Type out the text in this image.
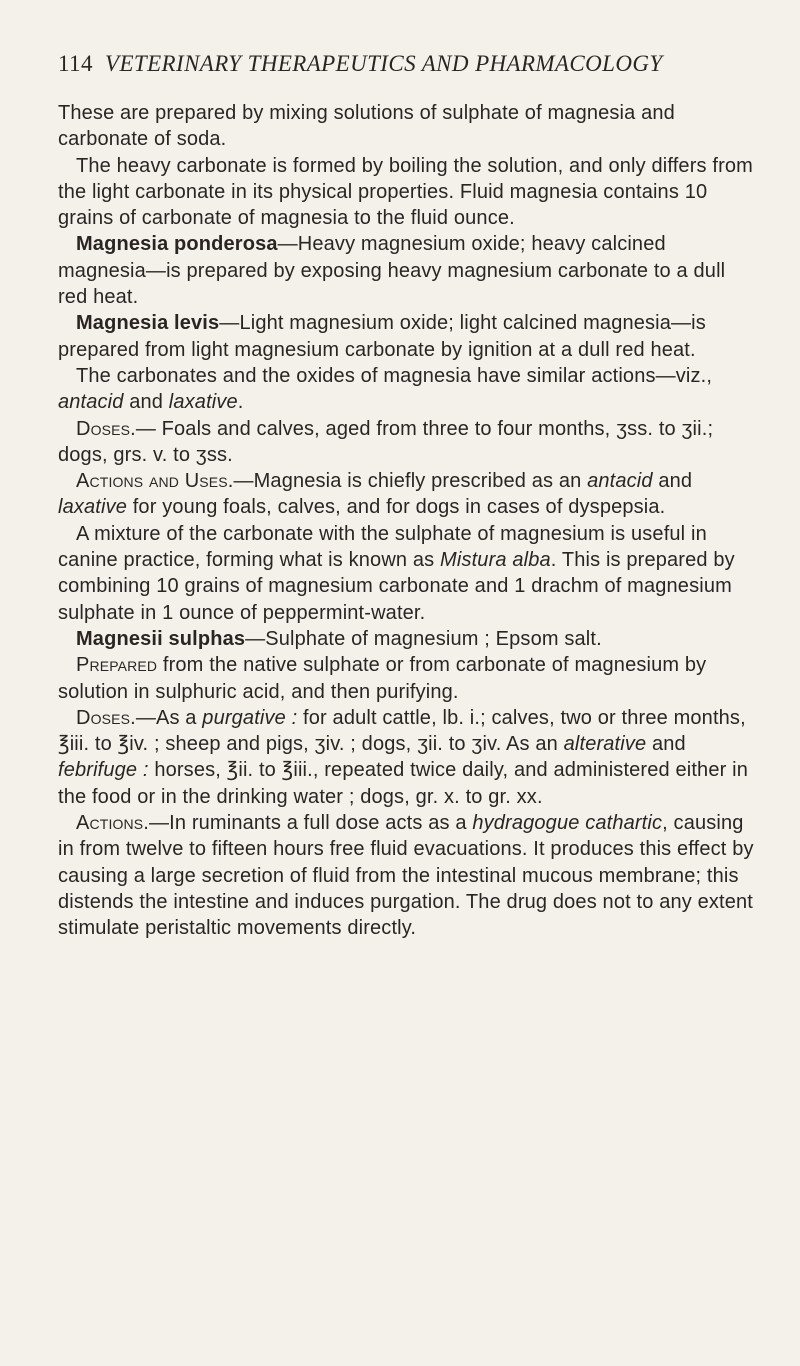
114 VETERINARY THERAPEUTICS AND PHARMACOLOGY

These are prepared by mixing solutions of sulphate of magnesia and carbonate of soda.

The heavy carbonate is formed by boiling the solution, and only differs from the light carbonate in its physical properties. Fluid magnesia contains 10 grains of carbonate of magnesia to the fluid ounce.

Magnesia ponderosa—Heavy magnesium oxide; heavy calcined magnesia—is prepared by exposing heavy magnesium carbonate to a dull red heat.

Magnesia levis—Light magnesium oxide; light calcined magnesia—is prepared from light magnesium carbonate by ignition at a dull red heat.

The carbonates and the oxides of magnesia have similar actions—viz., antacid and laxative.

Doses.— Foals and calves, aged from three to four months, ʒss. to ʒii.; dogs, grs. v. to ʒss.

Actions and Uses.—Magnesia is chiefly prescribed as an antacid and laxative for young foals, calves, and for dogs in cases of dyspepsia.

A mixture of the carbonate with the sulphate of magnesium is useful in canine practice, forming what is known as Mistura alba. This is prepared by combining 10 grains of magnesium carbonate and 1 drachm of magnesium sulphate in 1 ounce of peppermint-water.

Magnesii sulphas—Sulphate of magnesium ; Epsom salt.

Prepared from the native sulphate or from carbonate of magnesium by solution in sulphuric acid, and then purifying.

Doses.—As a purgative : for adult cattle, lb. i.; calves, two or three months, ℥iii. to ℥iv. ; sheep and pigs, ʒiv. ; dogs, ʒii. to ʒiv. As an alterative and febrifuge : horses, ℥ii. to ℥iii., repeated twice daily, and administered either in the food or in the drinking water ; dogs, gr. x. to gr. xx.

Actions.—In ruminants a full dose acts as a hydragogue cathartic, causing in from twelve to fifteen hours free fluid evacuations. It produces this effect by causing a large secretion of fluid from the intestinal mucous membrane; this distends the intestine and induces purgation. The drug does not to any extent stimulate peristaltic movements directly.
